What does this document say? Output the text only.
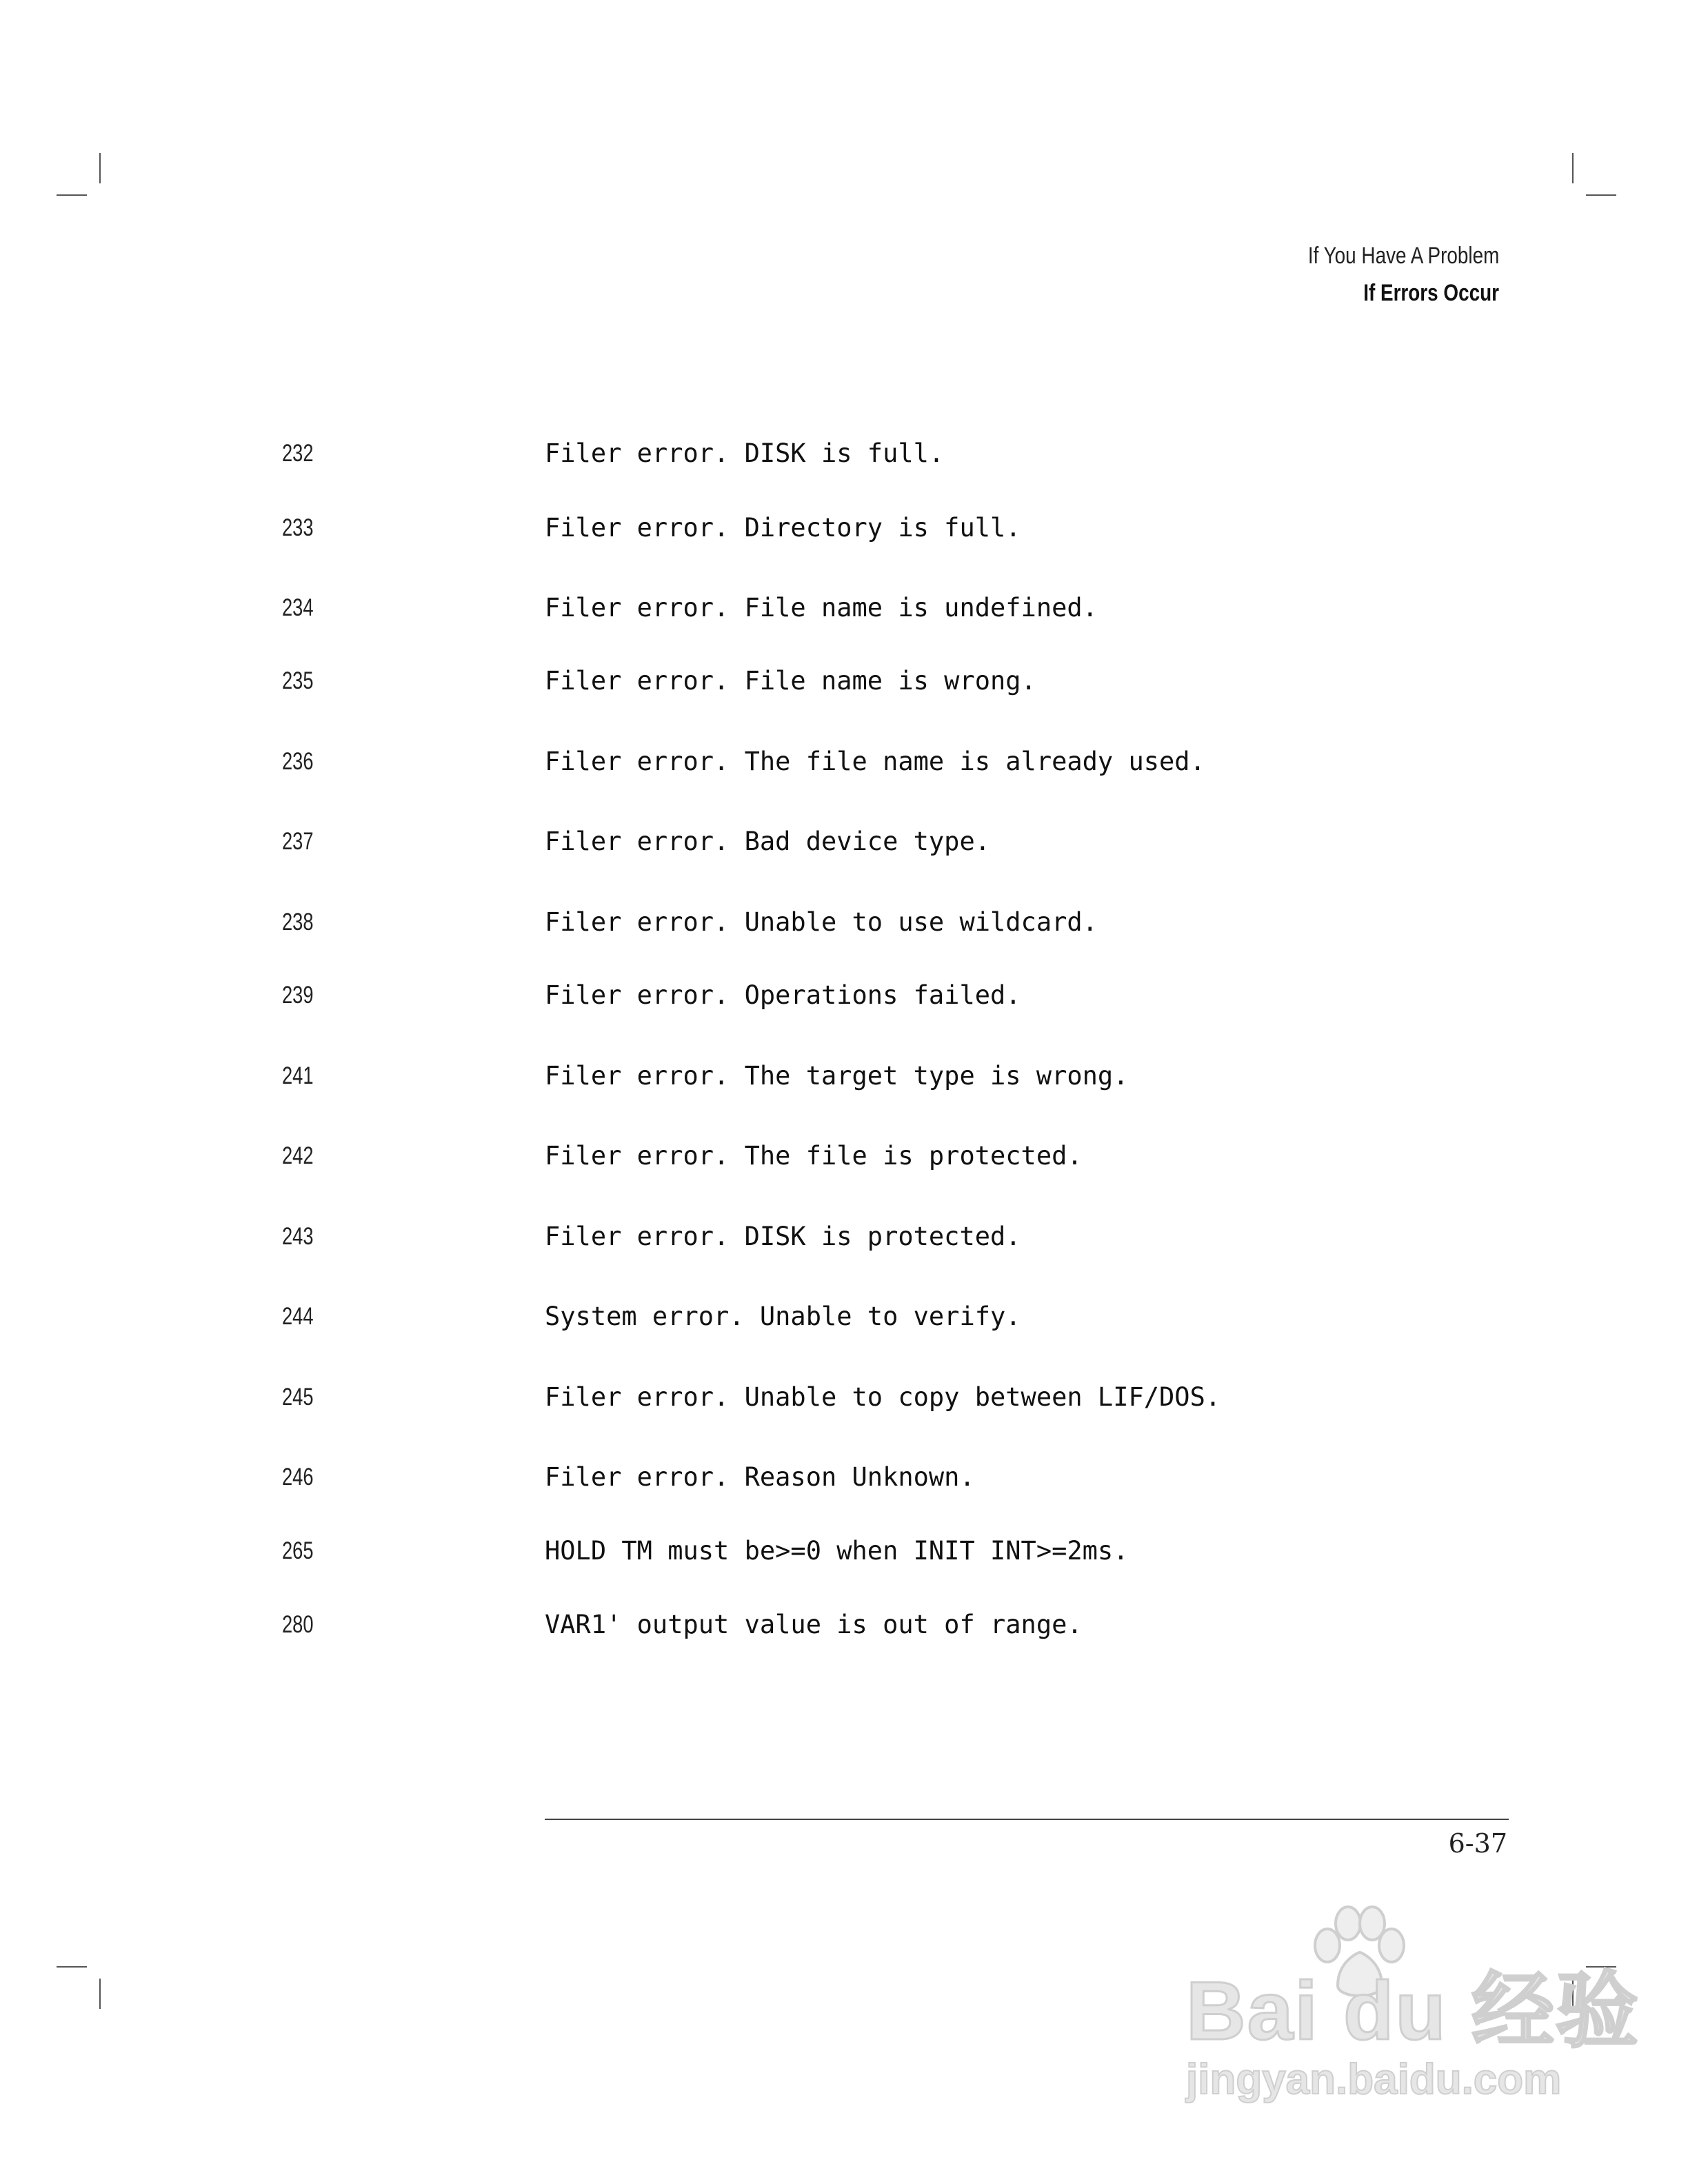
If You Have A Problem
If Errors Occur
232	Filer error. DISK is full.
233	Filer error. Directory is full.
234	Filer error. File name is undefined.
235	Filer error. File name is wrong.
236	Filer error. The file name is already used.
237	Filer error. Bad device type.
238	Filer error. Unable to use wildcard.
239	Filer error. Operations failed.
241	Filer error. The target type is wrong.
242	Filer error. The file is protected.
243	Filer error. DISK is protected.
244	System error. Unable to verify.
245	Filer error. Unable to copy between LIF/DOS.
246	Filer error. Reason Unknown.
265	HOLD TM must be>=0 when INIT INT>=2ms.
280	VAR1' output value is out of range.
6-37
Bai du 经验
jingyan.baidu.com
